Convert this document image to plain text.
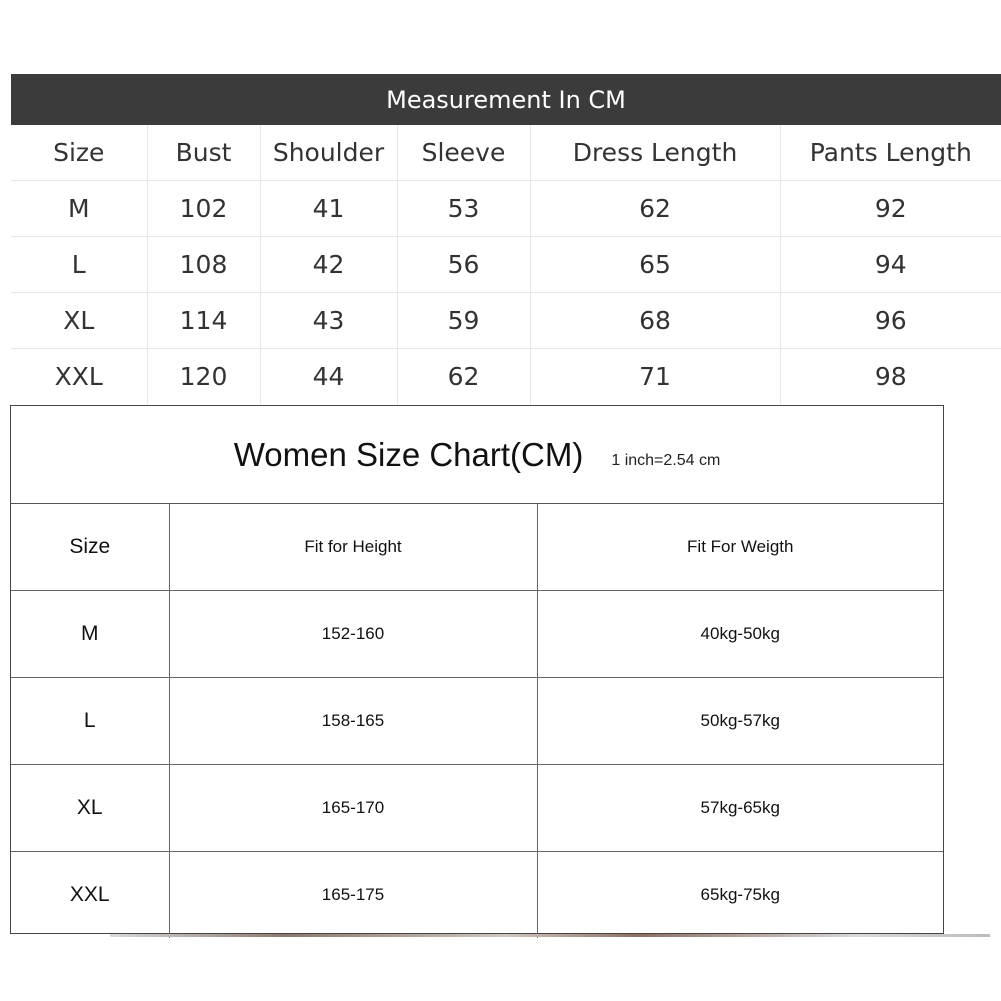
Measurement In CM
Size	Bust	Shoulder	Sleeve	Dress Length	Pants Length
M	102	41	53	62	92
L	108	42	56	65	94
XL	114	43	59	68	96
XXL	120	44	62	71	98
Women Size Chart(CM) 1 inch=2.54 cm
Size	Fit for Height	Fit For Weigth
M	152-160	40kg-50kg
L	158-165	50kg-57kg
XL	165-170	57kg-65kg
XXL	165-175	65kg-75kg
